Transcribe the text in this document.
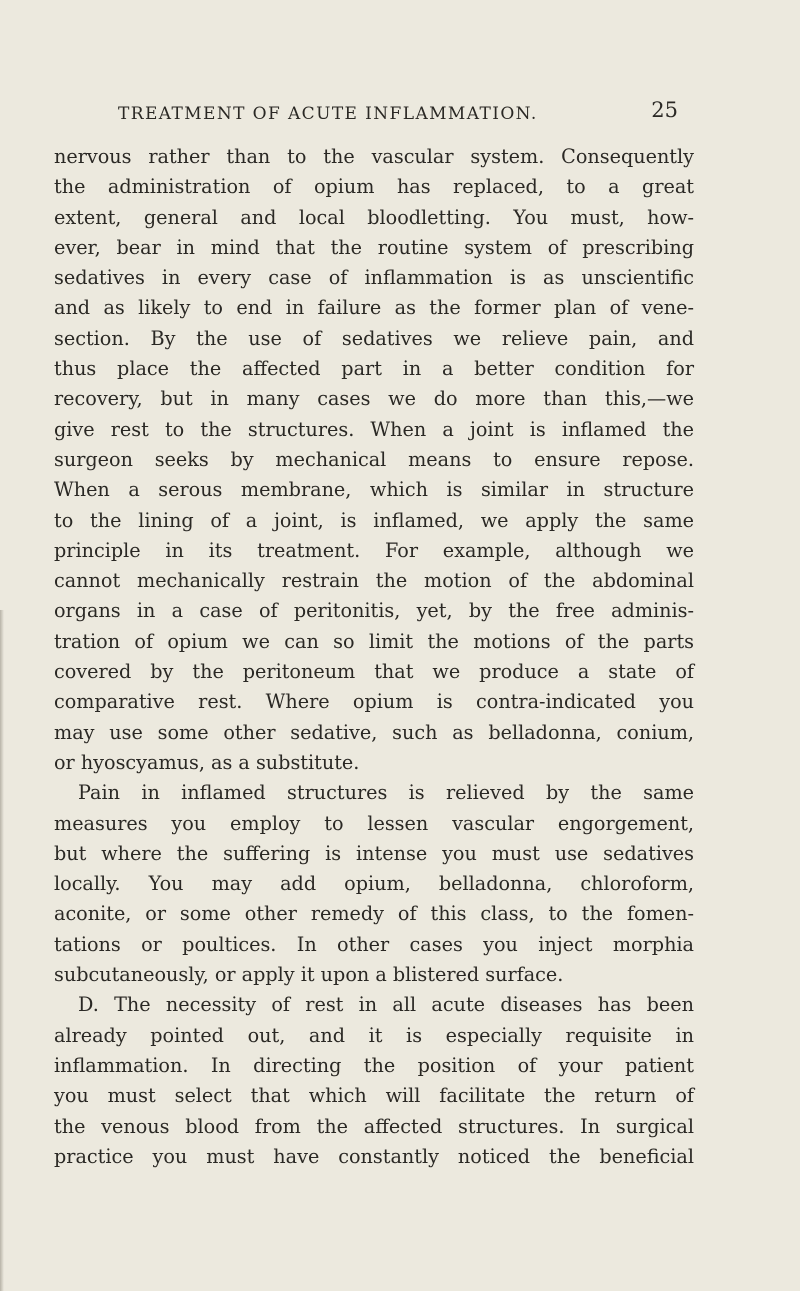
TREATMENT OF ACUTE INFLAMMATION.	25
nervous rather than to the vascular system. Consequently
the administration of opium has replaced, to a great
extent, general and local bloodletting. You must, how-
ever, bear in mind that the routine system of prescribing
sedatives in every case of inflammation is as unscientific
and as likely to end in failure as the former plan of vene-
section. By the use of sedatives we relieve pain, and
thus place the affected part in a better condition for
recovery, but in many cases we do more than this,—we
give rest to the structures. When a joint is inflamed the
surgeon seeks by mechanical means to ensure repose.
When a serous membrane, which is similar in structure
to the lining of a joint, is inflamed, we apply the same
principle in its treatment. For example, although we
cannot mechanically restrain the motion of the abdominal
organs in a case of peritonitis, yet, by the free adminis-
tration of opium we can so limit the motions of the parts
covered by the peritoneum that we produce a state of
comparative rest. Where opium is contra-indicated you
may use some other sedative, such as belladonna, conium,
or hyoscyamus, as a substitute.
Pain in inflamed structures is relieved by the same
measures you employ to lessen vascular engorgement,
but where the suffering is intense you must use sedatives
locally. You may add opium, belladonna, chloroform,
aconite, or some other remedy of this class, to the fomen-
tations or poultices. In other cases you inject morphia
subcutaneously, or apply it upon a blistered surface.
D. The necessity of rest in all acute diseases has been
already pointed out, and it is especially requisite in
inflammation. In directing the position of your patient
you must select that which will facilitate the return of
the venous blood from the affected structures. In surgical
practice you must have constantly noticed the beneficial
